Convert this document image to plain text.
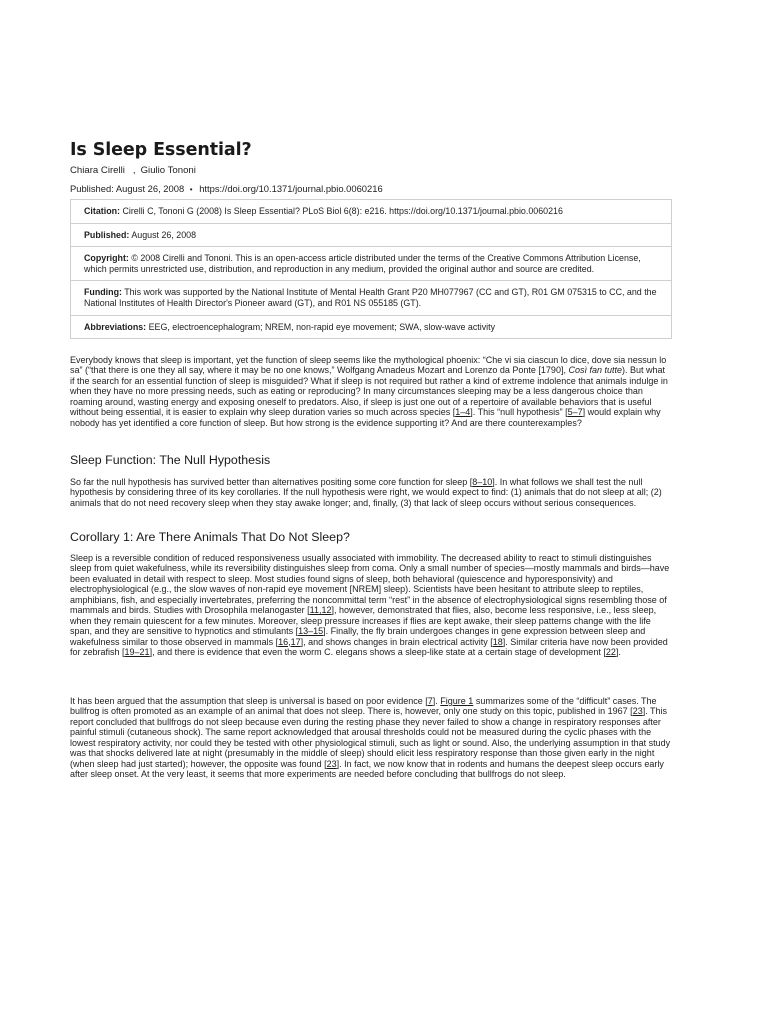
Is Sleep Essential?
Chiara Cirelli , Giulio Tononi
Published: August 26, 2008 • https://doi.org/10.1371/journal.pbio.0060216
Citation: Cirelli C, Tononi G (2008) Is Sleep Essential? PLoS Biol 6(8): e216. https://doi.org/10.1371/journal.pbio.0060216
Published: August 26, 2008
Copyright: © 2008 Cirelli and Tononi. This is an open-access article distributed under the terms of the Creative Commons Attribution License, which permits unrestricted use, distribution, and reproduction in any medium, provided the original author and source are credited.
Funding: This work was supported by the National Institute of Mental Health Grant P20 MH077967 (CC and GT), R01 GM 075315 to CC, and the National Institutes of Health Director's Pioneer award (GT), and R01 NS 055185 (GT).
Abbreviations: EEG, electroencephalogram; NREM, non-rapid eye movement; SWA, slow-wave activity

Everybody knows that sleep is important, yet the function of sleep seems like the mythological phoenix: “Che vi sia ciascun lo dice, dove sia nessun lo sa” (“that there is one they all say, where it may be no one knows,” Wolfgang Amadeus Mozart and Lorenzo da Ponte [1790], Così fan tutte). But what if the search for an essential function of sleep is misguided? What if sleep is not required but rather a kind of extreme indolence that animals indulge in when they have no more pressing needs, such as eating or reproducing? In many circumstances sleeping may be a less dangerous choice than roaming around, wasting energy and exposing oneself to predators. Also, if sleep is just one out of a repertoire of available behaviors that is useful without being essential, it is easier to explain why sleep duration varies so much across species [1–4]. This “null hypothesis” [5–7] would explain why nobody has yet identified a core function of sleep. But how strong is the evidence supporting it? And are there counterexamples?

Sleep Function: The Null Hypothesis

So far the null hypothesis has survived better than alternatives positing some core function for sleep [8–10]. In what follows we shall test the null hypothesis by considering three of its key corollaries. If the null hypothesis were right, we would expect to find: (1) animals that do not sleep at all; (2) animals that do not need recovery sleep when they stay awake longer; and, finally, (3) that lack of sleep occurs without serious consequences.

Corollary 1: Are There Animals That Do Not Sleep?

Sleep is a reversible condition of reduced responsiveness usually associated with immobility. The decreased ability to react to stimuli distinguishes sleep from quiet wakefulness, while its reversibility distinguishes sleep from coma. Only a small number of species—mostly mammals and birds—have been evaluated in detail with respect to sleep. Most studies found signs of sleep, both behavioral (quiescence and hyporesponsivity) and electrophysiological (e.g., the slow waves of non-rapid eye movement [NREM] sleep). Scientists have been hesitant to attribute sleep to reptiles, amphibians, fish, and especially invertebrates, preferring the noncommittal term “rest” in the absence of electrophysiological signs resembling those of mammals and birds. Studies with Drosophila melanogaster [11,12], however, demonstrated that flies, also, become less responsive, i.e., less sleep, when they remain quiescent for a few minutes. Moreover, sleep pressure increases if flies are kept awake, their sleep patterns change with the life span, and they are sensitive to hypnotics and stimulants [13–15]. Finally, the fly brain undergoes changes in gene expression between sleep and wakefulness similar to those observed in mammals [16,17], and shows changes in brain electrical activity [18]. Similar criteria have now been provided for zebrafish [19–21], and there is evidence that even the worm C. elegans shows a sleep-like state at a certain stage of development [22].

It has been argued that the assumption that sleep is universal is based on poor evidence [7]. Figure 1 summarizes some of the “difficult” cases. The bullfrog is often promoted as an example of an animal that does not sleep. There is, however, only one study on this topic, published in 1967 [23]. This report concluded that bullfrogs do not sleep because even during the resting phase they never failed to show a change in respiratory responses after painful stimuli (cutaneous shock). The same report acknowledged that arousal thresholds could not be measured during the cyclic phases with the lowest respiratory activity, nor could they be tested with other physiological stimuli, such as light or sound. Also, the underlying assumption in that study was that shocks delivered late at night (presumably in the middle of sleep) should elicit less respiratory response than those given early in the night (when sleep had just started); however, the opposite was found [23]. In fact, we now know that in rodents and humans the deepest sleep occurs early after sleep onset. At the very least, it seems that more experiments are needed before concluding that bullfrogs do not sleep.
